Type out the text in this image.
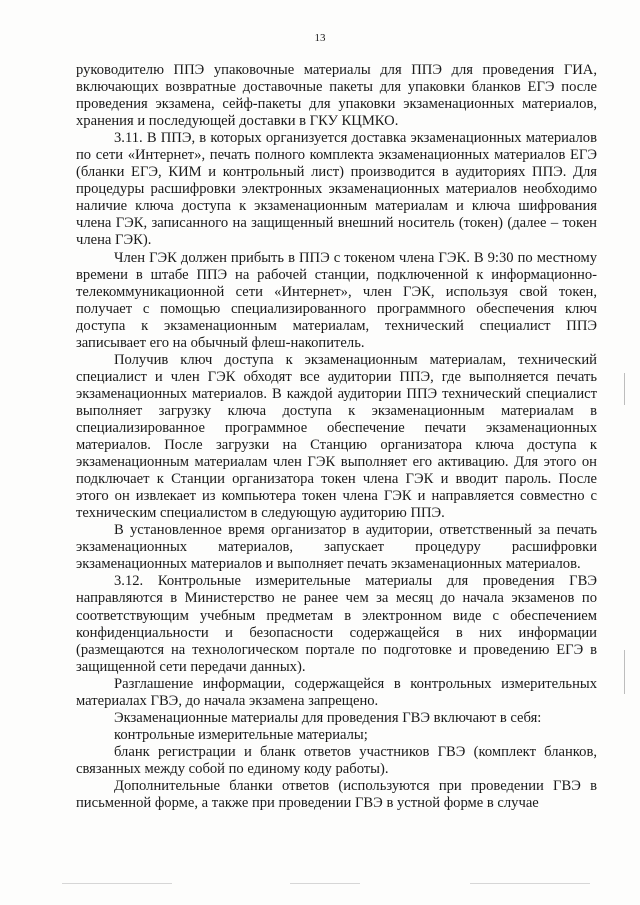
13

руководителю ППЭ упаковочные материалы для ППЭ для проведения ГИА, включающих возвратные доставочные пакеты для упаковки бланков ЕГЭ после проведения экзамена, сейф-пакеты для упаковки экзаменационных материалов, хранения и последующей доставки в ГКУ КЦМКО.

3.11. В ППЭ, в которых организуется доставка экзаменационных материалов по сети «Интернет», печать полного комплекта экзаменационных материалов ЕГЭ (бланки ЕГЭ, КИМ и контрольный лист) производится в аудиториях ППЭ. Для процедуры расшифровки электронных экзаменационных материалов необходимо наличие ключа доступа к экзаменационным материалам и ключа шифрования члена ГЭК, записанного на защищенный внешний носитель (токен) (далее – токен члена ГЭК).

Член ГЭК должен прибыть в ППЭ с токеном члена ГЭК. В 9:30 по местному времени в штабе ППЭ на рабочей станции, подключенной к информационно-телекоммуникационной сети «Интернет», член ГЭК, используя свой токен, получает с помощью специализированного программного обеспечения ключ доступа к экзаменационным материалам, технический специалист ППЭ записывает его на обычный флеш-накопитель.

Получив ключ доступа к экзаменационным материалам, технический специалист и член ГЭК обходят все аудитории ППЭ, где выполняется печать экзаменационных материалов. В каждой аудитории ППЭ технический специалист выполняет загрузку ключа доступа к экзаменационным материалам в специализированное программное обеспечение печати экзаменационных материалов. После загрузки на Станцию организатора ключа доступа к экзаменационным материалам член ГЭК выполняет его активацию. Для этого он подключает к Станции организатора токен члена ГЭК и вводит пароль. После этого он извлекает из компьютера токен члена ГЭК и направляется совместно с техническим специалистом в следующую аудиторию ППЭ.

В установленное время организатор в аудитории, ответственный за печать экзаменационных материалов, запускает процедуру расшифровки экзаменационных материалов и выполняет печать экзаменационных материалов.

3.12. Контрольные измерительные материалы для проведения ГВЭ направляются в Министерство не ранее чем за месяц до начала экзаменов по соответствующим учебным предметам в электронном виде с обеспечением конфиденциальности и безопасности содержащейся в них информации (размещаются на технологическом портале по подготовке и проведению ЕГЭ в защищенной сети передачи данных).

Разглашение информации, содержащейся в контрольных измерительных материалах ГВЭ, до начала экзамена запрещено.

Экзаменационные материалы для проведения ГВЭ включают в себя:

контрольные измерительные материалы;

бланк регистрации и бланк ответов участников ГВЭ (комплект бланков, связанных между собой по единому коду работы).

Дополнительные бланки ответов (используются при проведении ГВЭ в письменной форме, а также при проведении ГВЭ в устной форме в случае
